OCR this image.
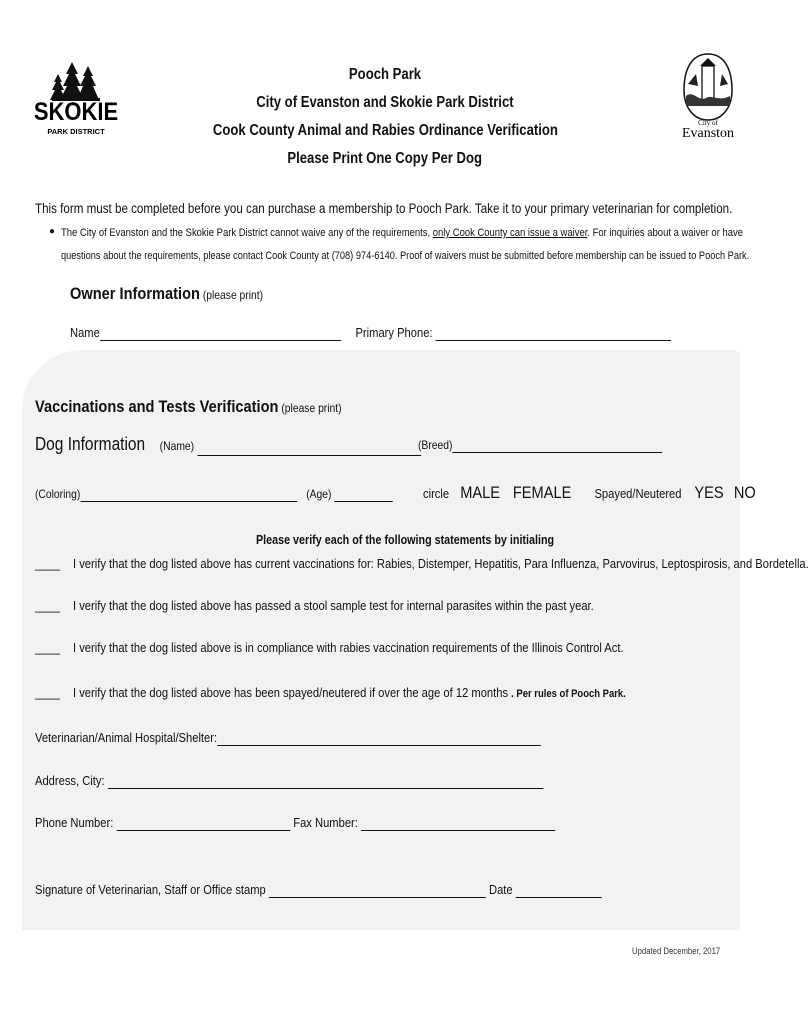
SKOKIE
PARK DISTRICT
City of
Evanston
Pooch Park
City of Evanston and Skokie Park District
Cook County Animal and Rabies Ordinance Verification
Please Print One Copy Per Dog
This form must be completed before you can purchase a membership to Pooch Park. Take it to your primary veterinarian for completion.
● The City of Evanston and the Skokie Park District cannot waive any of the requirements, only Cook County can issue a waiver. For inquiries about a waiver or have
questions about the requirements, please contact Cook County at (708) 974-6140. Proof of waivers must be submitted before membership can be issued to Pooch Park.
Owner Information (please print)
Name	Primary Phone:
Vaccinations and Tests Verification (please print)
Dog Information (Name)	(Breed)
(Coloring)	(Age)	circle MALE FEMALE Spayed/Neutered YES NO
Please verify each of the following statements by initialing
____ I verify that the dog listed above has current vaccinations for: Rabies, Distemper, Hepatitis, Para Influenza, Parvovirus, Leptospirosis, and Bordetella.
____ I verify that the dog listed above has passed a stool sample test for internal parasites within the past year.
____ I verify that the dog listed above is in compliance with rabies vaccination requirements of the Illinois Control Act.
____ I verify that the dog listed above has been spayed/neutered if over the age of 12 months . Per rules of Pooch Park.
Veterinarian/Animal Hospital/Shelter:
Address, City:
Phone Number:	Fax Number:
Signature of Veterinarian, Staff or Office stamp	Date
Updated December, 2017
